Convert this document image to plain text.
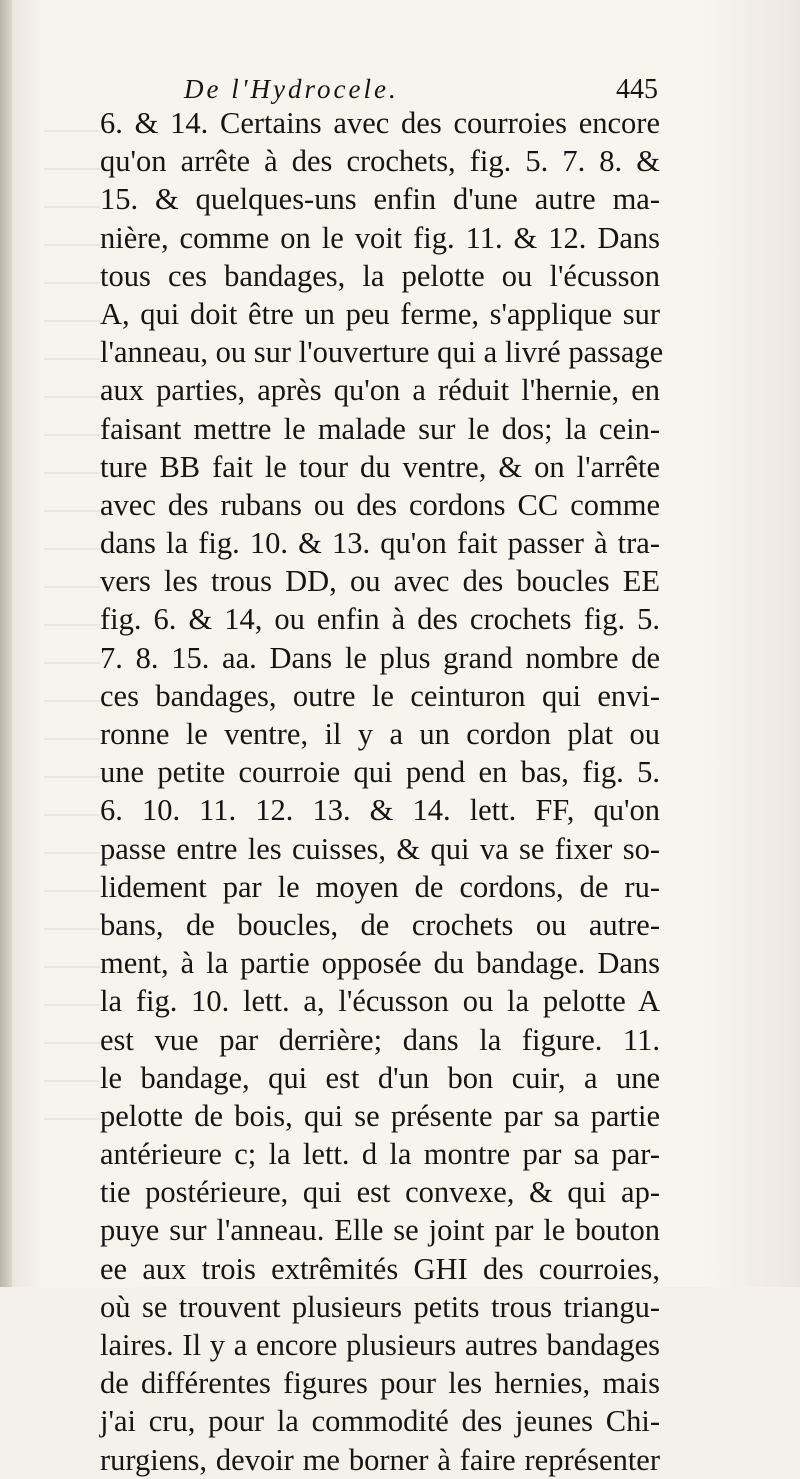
De l'Hydrocele.	445
6. & 14. Certains avec des courroies encore
qu'on arrête à des crochets, fig. 5. 7. 8. &
15. & quelques-uns enfin d'une autre ma-
nière, comme on le voit fig. 11. & 12. Dans
tous ces bandages, la pelotte ou l'écusson
A, qui doit être un peu ferme, s'applique sur
l'anneau, ou sur l'ouverture qui a livré passage
aux parties, après qu'on a réduit l'hernie, en
faisant mettre le malade sur le dos; la cein-
ture BB fait le tour du ventre, & on l'arrête
avec des rubans ou des cordons CC comme
dans la fig. 10. & 13. qu'on fait passer à tra-
vers les trous DD, ou avec des boucles EE
fig. 6. & 14, ou enfin à des crochets fig. 5.
7. 8. 15. aa. Dans le plus grand nombre de
ces bandages, outre le ceinturon qui envi-
ronne le ventre, il y a un cordon plat ou
une petite courroie qui pend en bas, fig. 5.
6. 10. 11. 12. 13. & 14. lett. FF, qu'on
passe entre les cuisses, & qui va se fixer so-
lidement par le moyen de cordons, de ru-
bans, de boucles, de crochets ou autre-
ment, à la partie opposée du bandage. Dans
la fig. 10. lett. a, l'écusson ou la pelotte A
est vue par derrière; dans la figure. 11.
le bandage, qui est d'un bon cuir, a une
pelotte de bois, qui se présente par sa partie
antérieure c; la lett. d la montre par sa par-
tie postérieure, qui est convexe, & qui ap-
puye sur l'anneau. Elle se joint par le bouton
ee aux trois extrêmités GHI des courroies,
où se trouvent plusieurs petits trous triangu-
laires. Il y a encore plusieurs autres bandages
de différentes figures pour les hernies, mais
j'ai cru, pour la commodité des jeunes Chi-
rurgiens, devoir me borner à faire représenter
